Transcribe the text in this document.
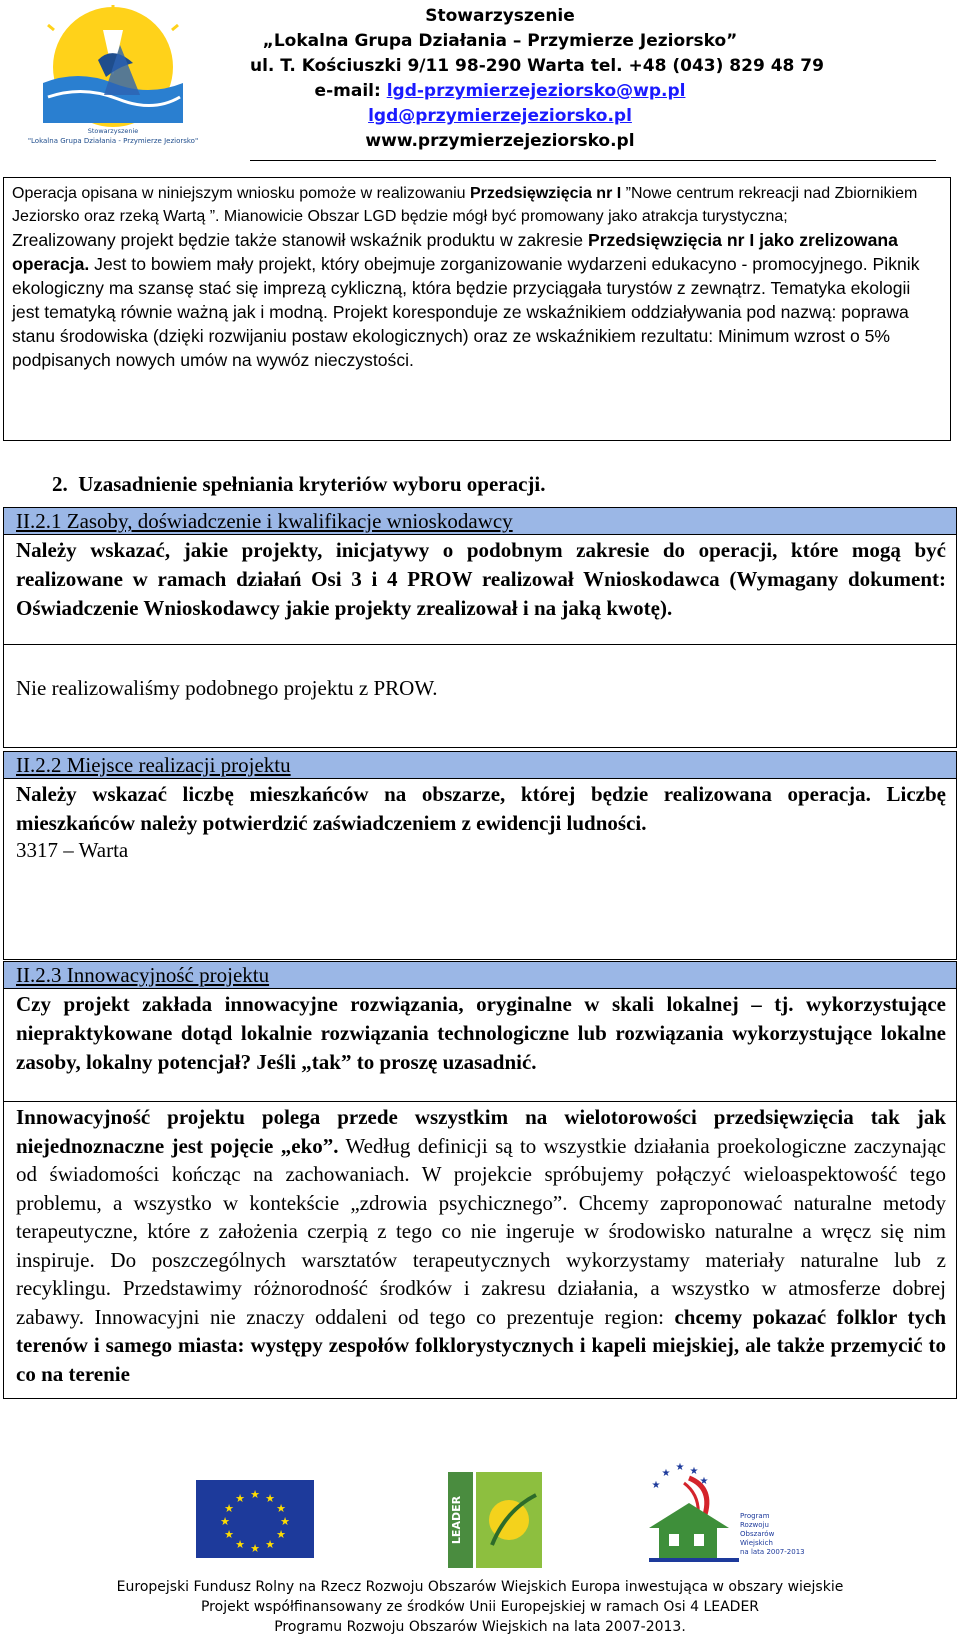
Stowarzyszenie
"Lokalna Grupa Działania - Przymierze Jeziorsko"
Stowarzyszenie
„Lokalna Grupa Działania – Przymierze Jeziorsko”
ul. T. Kościuszki 9/11 98-290 Warta tel. +48 (043) 829 48 79
e-mail: lgd-przymierzejeziorsko@wp.pl
lgd@przymierzejeziorsko.pl
www.przymierzejeziorsko.pl
Operacja opisana w niniejszym wniosku pomoże w realizowaniu Przedsięwzięcia nr I ”Nowe centrum rekreacji nad Zbiornikiem Jeziorsko oraz rzeką Wartą ”. Mianowicie Obszar LGD będzie mógł być promowany jako atrakcja turystyczna;
Zrealizowany projekt będzie także stanowił wskaźnik produktu w zakresie Przedsięwzięcia nr I jako zrelizowana operacja. Jest to bowiem mały projekt, który obejmuje zorganizowanie wydarzeni edukacyno - promocyjnego. Piknik ekologiczny ma szansę stać się imprezą cykliczną, która będzie przyciągała turystów z zewnątrz. Tematyka ekologii jest tematyką równie ważną jak i modną. Projekt koresponduje ze wskaźnikiem oddziaływania pod nazwą: poprawa stanu środowiska (dzięki rozwijaniu postaw ekologicznych) oraz ze wskaźnikiem rezultatu: Minimum wzrost o 5% podpisanych nowych umów na wywóz nieczystości.
2. Uzasadnienie spełniania kryteriów wyboru operacji.
II.2.1 Zasoby, doświadczenie i kwalifikacje wnioskodawcy
Należy wskazać, jakie projekty, inicjatywy o podobnym zakresie do operacji, które mogą być realizowane w ramach działań Osi 3 i 4 PROW realizował Wnioskodawca (Wymagany dokument: Oświadczenie Wnioskodawcy jakie projekty zrealizował i na jaką kwotę).
Nie realizowaliśmy podobnego projektu z PROW.
II.2.2 Miejsce realizacji projektu
Należy wskazać liczbę mieszkańców na obszarze, której będzie realizowana operacja. Liczbę mieszkańców należy potwierdzić zaświadczeniem z ewidencji ludności.
3317 – Warta
II.2.3 Innowacyjność projektu
Czy projekt zakłada innowacyjne rozwiązania, oryginalne w skali lokalnej – tj. wykorzystujące niepraktykowane dotąd lokalnie rozwiązania technologiczne lub rozwiązania wykorzystujące lokalne zasoby, lokalny potencjał? Jeśli „tak” to proszę uzasadnić.
Innowacyjność projektu polega przede wszystkim na wielotorowości przedsięwzięcia tak jak niejednoznaczne jest pojęcie „eko”. Według definicji są to wszystkie działania proekologiczne zaczynając od świadomości kończąc na zachowaniach. W projekcie spróbujemy połączyć wieloaspektowość tego problemu, a wszystko w kontekście „zdrowia psychicznego”. Chcemy zaproponować naturalne metody terapeutyczne, które z założenia czerpią z tego co nie ingeruje w środowisko naturalne a wręcz się nim inspiruje. Do poszczególnych warsztatów terapeutycznych wykorzystamy materiały naturalne lub z recyklingu. Przedstawimy różnorodność środków i zakresu działania, a wszystko w atmosferze dobrej zabawy. Innowacyjni nie znaczy oddaleni od tego co prezentuje region: chcemy pokazać folklor tych terenów i samego miasta: występy zespołów folklorystycznych i kapeli miejskiej, ale także przemycić to co na terenie
★ ★
★
★
★
★
★
★
★
★
★
★	LEADER
★
★
★ ★
★
Program
Rozwoju
Obszarów
Wiejskich
na lata 2007-2013
Europejski Fundusz Rolny na Rzecz Rozwoju Obszarów Wiejskich Europa inwestująca w obszary wiejskie
Projekt współfinansowany ze środków Unii Europejskiej w ramach Osi 4 LEADER
Programu Rozwoju Obszarów Wiejskich na lata 2007-2013.
